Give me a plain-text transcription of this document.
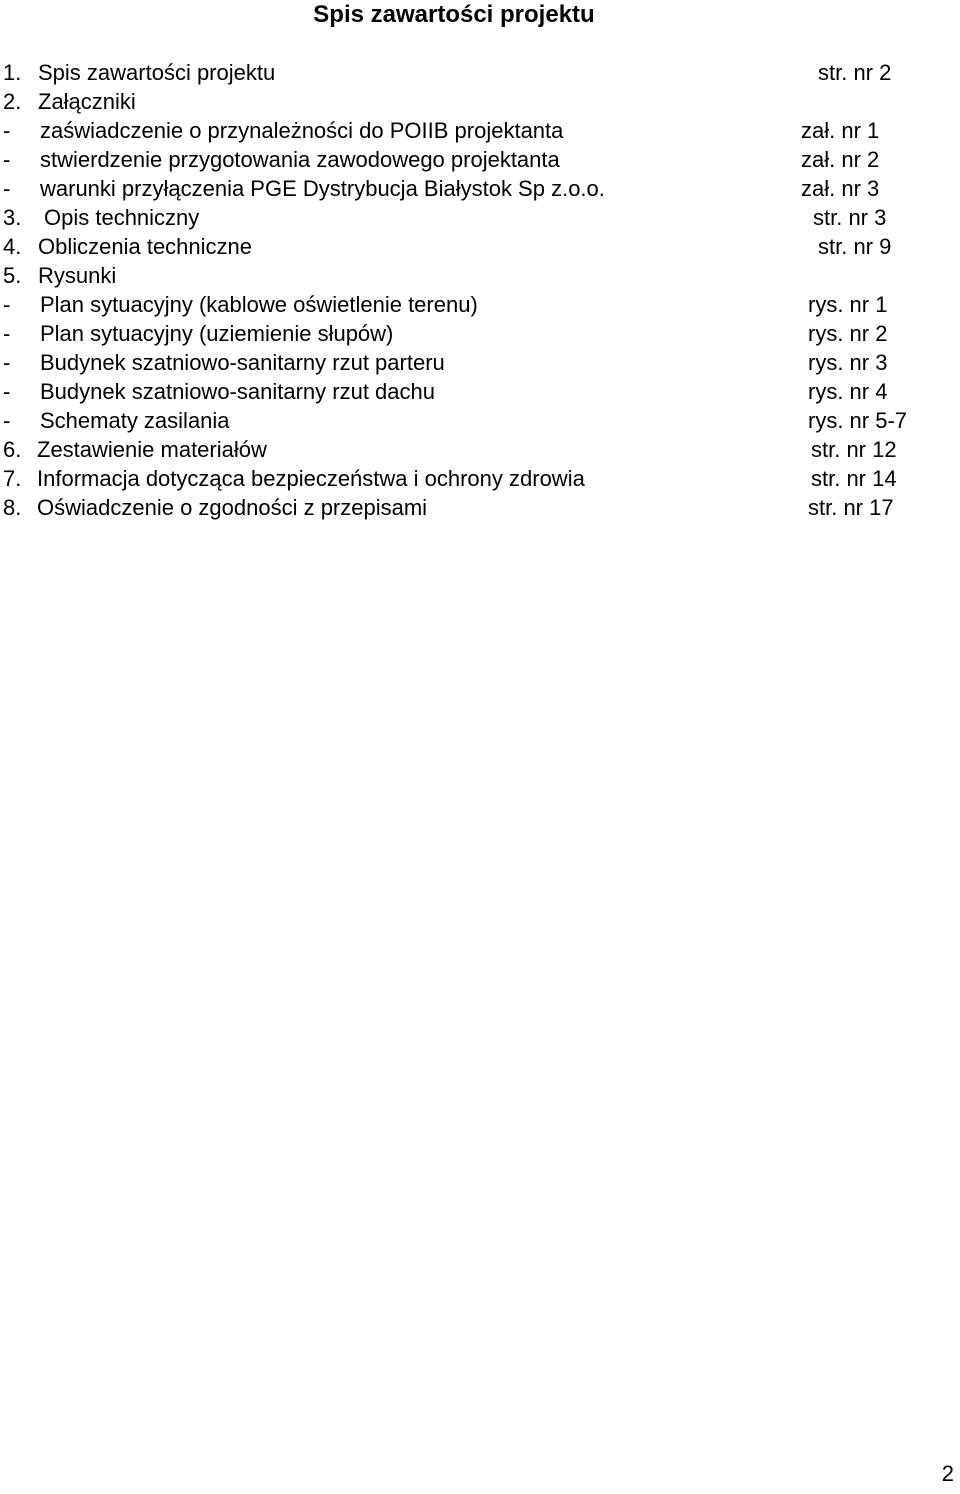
Spis zawartości projektu
1. Spis zawartości projektu	str. nr 2
2. Załączniki
- zaświadczenie o przynależności do POIIB projektanta	zał. nr 1
- stwierdzenie przygotowania zawodowego projektanta	zał. nr 2
- warunki przyłączenia PGE Dystrybucja Białystok Sp z.o.o.	zał. nr 3
3. Opis techniczny	str. nr 3
4. Obliczenia techniczne	str. nr 9
5. Rysunki
- Plan sytuacyjny (kablowe oświetlenie terenu)	rys. nr 1
- Plan sytuacyjny (uziemienie słupów)	rys. nr 2
- Budynek szatniowo-sanitarny rzut parteru	rys. nr 3
- Budynek szatniowo-sanitarny rzut dachu	rys. nr 4
- Schematy zasilania	rys. nr 5-7
6. Zestawienie materiałów	str. nr 12
7. Informacja dotycząca bezpieczeństwa i ochrony zdrowia	str. nr 14
8. Oświadczenie o zgodności z przepisami	str. nr 17
2
